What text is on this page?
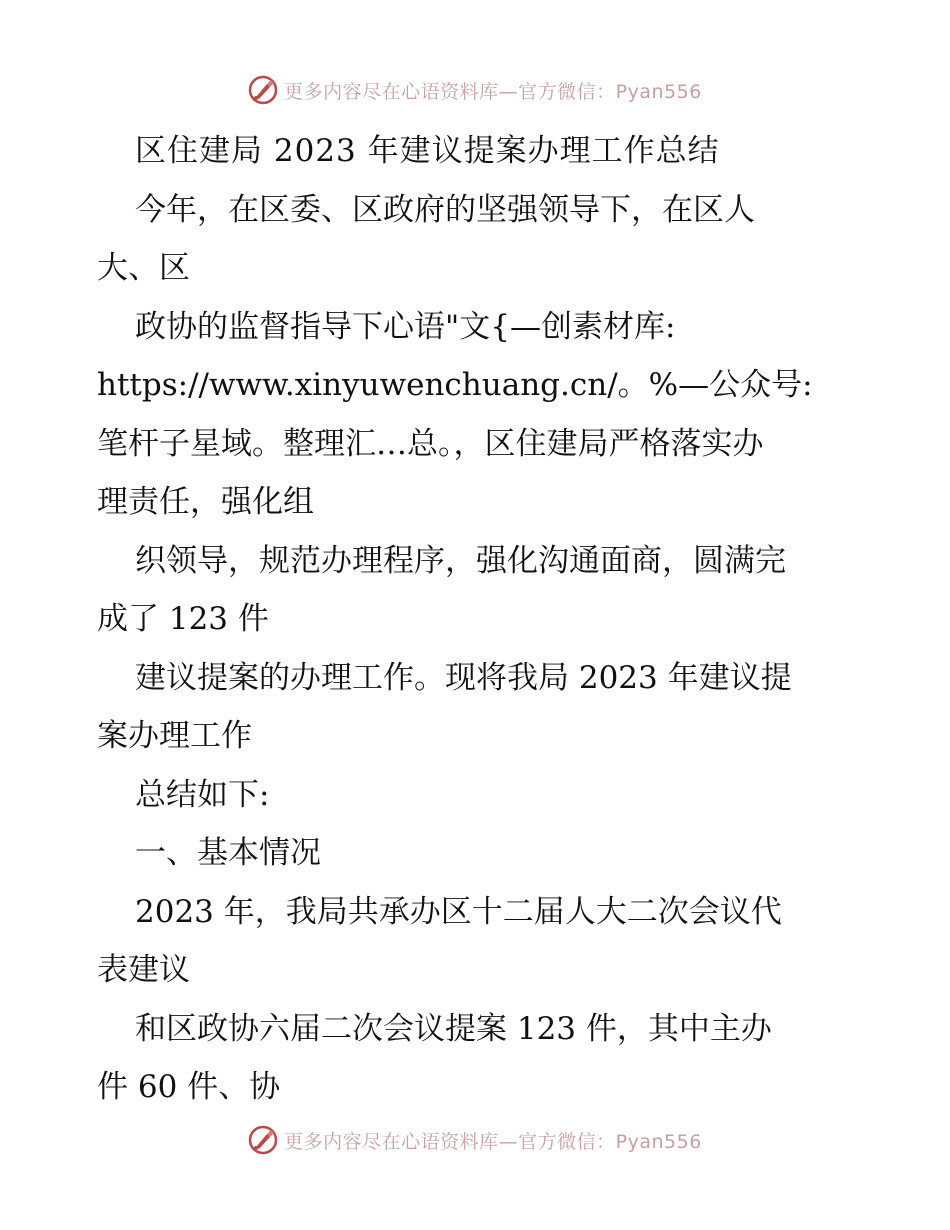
更多内容尽在心语资料库—官方微信：Pyan556
区住建局 2023 年建议提案办理工作总结
今年，在区委、区政府的坚强领导下，在区人
大、区
政协的监督指导下心语"文{—创素材库:
https://www.xinyuwenchuang.cn/。%—公众号:
笔杆子星域。整理汇…总。，区住建局严格落实办
理责任，强化组
织领导，规范办理程序，强化沟通面商，圆满完
成了 123 件
建议提案的办理工作。现将我局 2023 年建议提
案办理工作
总结如下:
一、基本情况
2023 年，我局共承办区十二届人大二次会议代
表建议
和区政协六届二次会议提案 123 件，其中主办
件 60 件、协
更多内容尽在心语资料库—官方微信：Pyan556
